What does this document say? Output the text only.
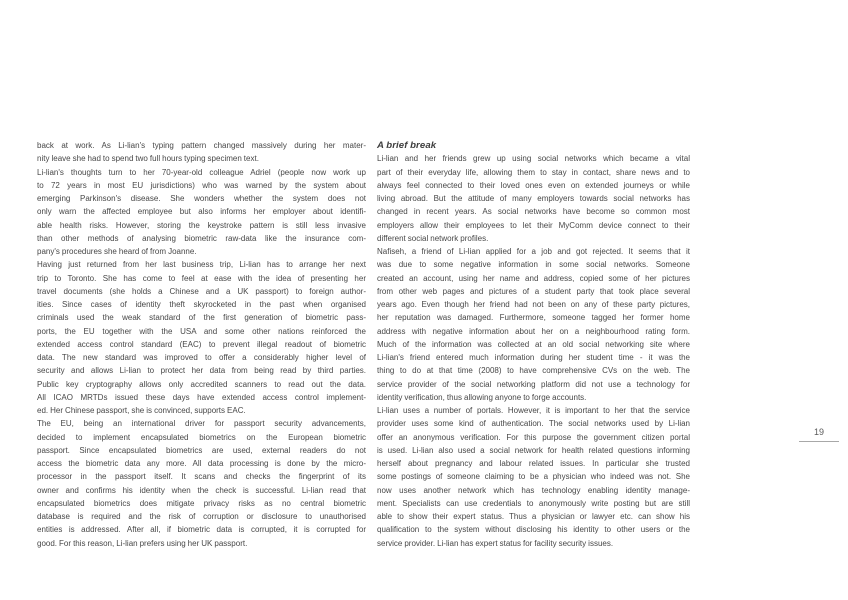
back at work. As Li-lian's typing pattern changed massively during her mater-
nity leave she had to spend two full hours typing specimen text.
Li-lian's thoughts turn to her 70-year-old colleague Adriel (people now work up
to 72 years in most EU jurisdictions) who was warned by the system about
emerging Parkinson's disease. She wonders whether the system does not
only warn the affected employee but also informs her employer about identifi-
able health risks. However, storing the keystroke pattern is still less invasive
than other methods of analysing biometric raw-data like the insurance com-
pany's procedures she heard of from Joanne.
Having just returned from her last business trip, Li-lian has to arrange her next
trip to Toronto. She has come to feel at ease with the idea of presenting her
travel documents (she holds a Chinese and a UK passport) to foreign author-
ities. Since cases of identity theft skyrocketed in the past when organised
criminals used the weak standard of the first generation of biometric pass-
ports, the EU together with the USA and some other nations reinforced the
extended access control standard (EAC) to prevent illegal readout of biometric
data. The new standard was improved to offer a considerably higher level of
security and allows Li-lian to protect her data from being read by third parties.
Public key cryptography allows only accredited scanners to read out the data.
All ICAO MRTDs issued these days have extended access control implement-
ed. Her Chinese passport, she is convinced, supports EAC.
The EU, being an international driver for passport security advancements,
decided to implement encapsulated biometrics on the European biometric
passport. Since encapsulated biometrics are used, external readers do not
access the biometric data any more. All data processing is done by the micro-
processor in the passport itself. It scans and checks the fingerprint of its
owner and confirms his identity when the check is successful. Li-lian read that
encapsulated biometrics does mitigate privacy risks as no central biometric
database is required and the risk of corruption or disclosure to unauthorised
entities is addressed. After all, if biometric data is corrupted, it is corrupted for
good. For this reason, Li-lian prefers using her UK passport.
A brief break
Li-lian and her friends grew up using social networks which became a vital
part of their everyday life, allowing them to stay in contact, share news and to
always feel connected to their loved ones even on extended journeys or while
living abroad. But the attitude of many employers towards social networks has
changed in recent years. As social networks have become so common most
employers allow their employees to let their MyComm device connect to their
different social network profiles.
Nafiseh, a friend of Li-lian applied for a job and got rejected. It seems that it
was due to some negative information in some social networks. Someone
created an account, using her name and address, copied some of her pictures
from other web pages and pictures of a student party that took place several
years ago. Even though her friend had not been on any of these party pictures,
her reputation was damaged. Furthermore, someone tagged her former home
address with negative information about her on a neighbourhood rating form.
Much of the information was collected at an old social networking site where
Li-lian's friend entered much information during her student time - it was the
thing to do at that time (2008) to have comprehensive CVs on the web. The
service provider of the social networking platform did not use a technology for
identity verification, thus allowing anyone to forge accounts.
Li-lian uses a number of portals. However, it is important to her that the service
provider uses some kind of authentication. The social networks used by Li-lian
offer an anonymous verification. For this purpose the government citizen portal
is used. Li-lian also used a social network for health related questions informing
herself about pregnancy and labour related issues. In particular she trusted
some postings of someone claiming to be a physician who indeed was not. She
now uses another network which has technology enabling identity manage-
ment. Specialists can use credentials to anonymously write posting but are still
able to show their expert status. Thus a physician or lawyer etc. can show his
qualification to the system without disclosing his identity to other users or the
service provider. Li-lian has expert status for facility security issues.
19
